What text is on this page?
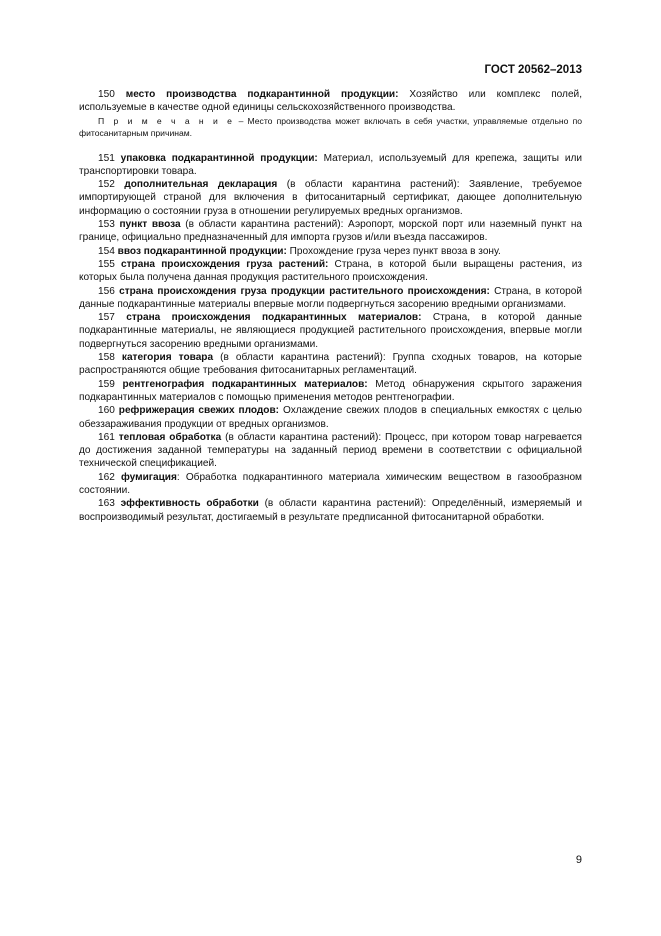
ГОСТ 20562–2013

150 место производства подкарантинной продукции: Хозяйство или комплекс полей, используемые в качестве одной единицы сельскохозяйственного производства.

П р и м е ч а н и е – Место производства может включать в себя участки, управляемые отдельно по фитосанитарным причинам.

151 упаковка подкарантинной продукции: Материал, используемый для крепежа, защиты или транспортировки товара.

152 дополнительная декларация (в области карантина растений): Заявление, требуемое импортирующей страной для включения в фитосанитарный сертификат, дающее дополнительную информацию о состоянии груза в отношении регулируемых вредных организмов.

153 пункт ввоза (в области карантина растений): Аэропорт, морской порт или наземный пункт на границе, официально предназначенный для импорта грузов и/или въезда пассажиров.

154 ввоз подкарантинной продукции: Прохождение груза через пункт ввоза в зону.

155 страна происхождения груза растений: Страна, в которой были выращены растения, из которых была получена данная продукция растительного происхождения.

156 страна происхождения груза продукции растительного происхождения: Страна, в которой данные подкарантинные материалы впервые могли подвергнуться засорению вредными организмами.

157 страна происхождения подкарантинных материалов: Страна, в которой данные подкарантинные материалы, не являющиеся продукцией растительного происхождения, впервые могли подвергнуться засорению вредными организмами.

158 категория товара (в области карантина растений): Группа сходных товаров, на которые распространяются общие требования фитосанитарных регламентаций.

159 рентгенография подкарантинных материалов: Метод обнаружения скрытого заражения подкарантинных материалов с помощью применения методов рентгенографии.

160 рефрижерация свежих плодов: Охлаждение свежих плодов в специальных емкостях с целью обеззараживания продукции от вредных организмов.

161 тепловая обработка (в области карантина растений): Процесс, при котором товар нагревается до достижения заданной температуры на заданный период времени в соответствии с официальной технической спецификацией.

162 фумигация: Обработка подкарантинного материала химическим веществом в газообразном состоянии.

163 эффективность обработки (в области карантина растений): Определённый, измеряемый и воспроизводимый результат, достигаемый в результате предписанной фитосанитарной обработки.

9
